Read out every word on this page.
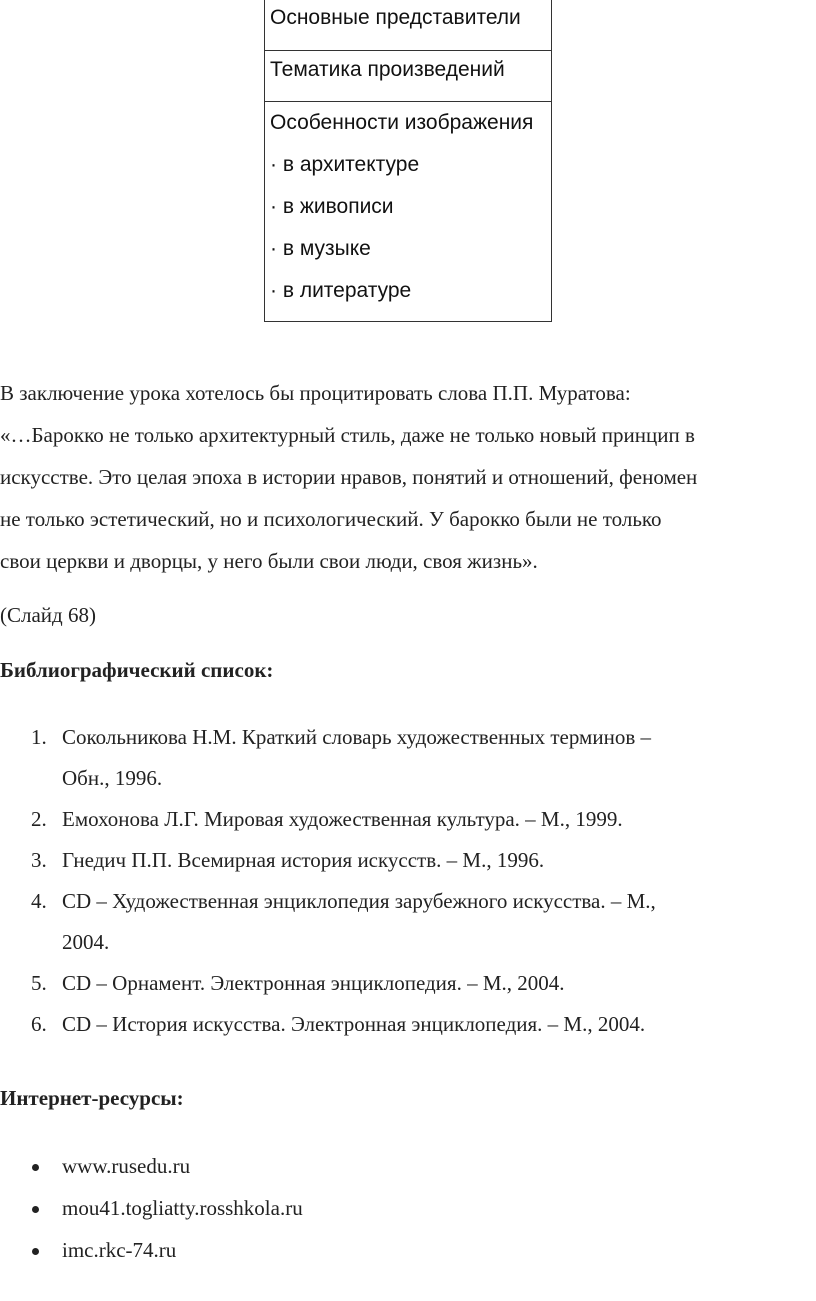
Основные представители
Тематика произведений
Особенности изображения
· в архитектуре
· в живописи
· в музыке
· в литературе

В заключение урока хотелось бы процитировать слова П.П. Муратова:
«…Барокко не только архитектурный стиль, даже не только новый принцип в
искусстве. Это целая эпоха в истории нравов, понятий и отношений, феномен
не только эстетический, но и психологический. У барокко были не только
свои церкви и дворцы, у него были свои люди, своя жизнь».

(Слайд 68)

Библиографический список:
1. Сокольникова Н.М. Краткий словарь художественных терминов –
Обн., 1996.
2. Емохонова Л.Г. Мировая художественная культура. – М., 1999.
3. Гнедич П.П. Всемирная история искусств. – М., 1996.
4. CD – Художественная энциклопедия зарубежного искусства. – М.,
2004.
5. CD – Орнамент. Электронная энциклопедия. – М., 2004.
6. CD – История искусства. Электронная энциклопедия. – М., 2004.
Интернет-ресурсы:
www.rusedu.ru
mou41.togliatty.rosshkola.ru
imc.rkc-74.ru
